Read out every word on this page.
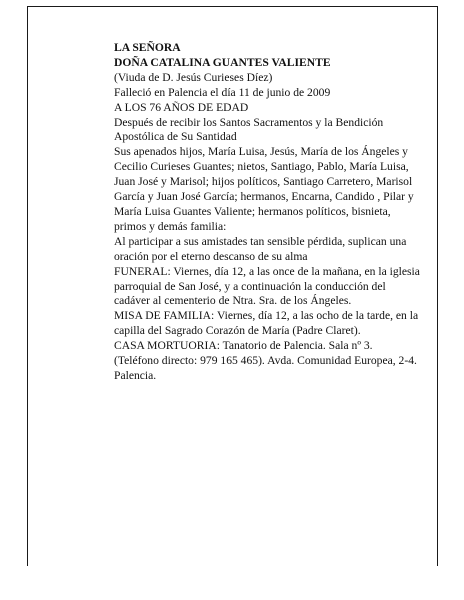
LA SEÑORA

DOÑA CATALINA GUANTES VALIENTE

(Viuda de D. Jesús Curieses Díez)

Falleció en Palencia el día 11 de junio de 2009

A LOS 76 AÑOS DE EDAD

Después de recibir los Santos Sacramentos y la Bendición Apostólica de Su Santidad

Sus apenados hijos, María Luisa, Jesús, María de los Ángeles y Cecilio Curieses Guantes; nietos, Santiago, Pablo, María Luisa, Juan José y Marisol; hijos políticos, Santiago Carretero, Marisol García y Juan José García; hermanos, Encarna, Candido , Pilar y María Luisa Guantes Valiente; hermanos políticos, bisnieta, primos y demás familia:

Al participar a sus amistades tan sensible pérdida, suplican una oración por el eterno descanso de su alma

FUNERAL: Viernes, día 12, a las once de la mañana, en la iglesia parroquial de San José, y a continuación la conducción del cadáver al cementerio de Ntra. Sra. de los Ángeles.

MISA DE FAMILIA: Viernes, día 12, a las ocho de la tarde, en la capilla del Sagrado Corazón de María (Padre Claret).

CASA MORTUORIA: Tanatorio de Palencia. Sala nº 3. (Teléfono directo: 979 165 465). Avda. Comunidad Europea, 2-4. Palencia.
